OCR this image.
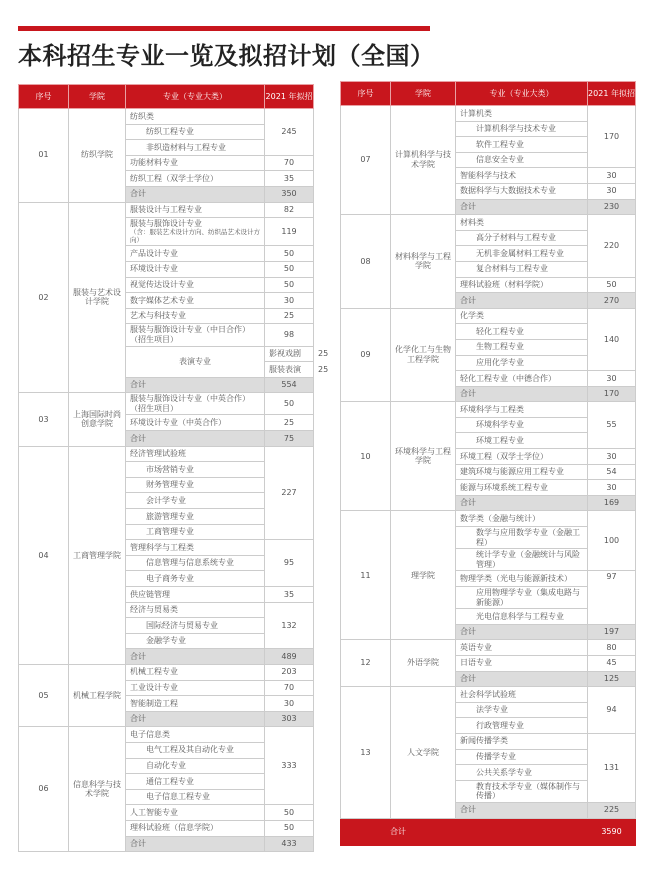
本科招生专业一览及拟招计划（全国）
序号	学院	专业（专业大类）	2021 年拟招	
01	纺织学院	纺织类	245	
		纺织工程专业		
		非织造材料与工程专业		
		功能材料专业	70	
		纺织工程（双学士学位）	35	
		合计	350	
02	服装与艺术设计学院	服装设计与工程专业	82	
		服装与服饰设计专业
（含：服装艺术设计方向、纺织品艺术设计方向）	119	
		产品设计专业	50	
		环境设计专业	50	
		视觉传达设计专业	50	
		数字媒体艺术专业	30	
		艺术与科技专业	25	
		服装与服饰设计专业（中日合作）（招生项目）	98	
		表演专业	影视戏剧	25
			服装表演	25
		合计	554	
03	上海国际时尚创意学院	服装与服饰设计专业（中英合作）（招生项目）	50	
		环境设计专业（中英合作）	25	
		合计	75	
04	工商管理学院	经济管理试验班	227	
		市场营销专业		
		财务管理专业		
		会计学专业		
		旅游管理专业		
		工商管理专业		
		管理科学与工程类	95	
		信息管理与信息系统专业		
		电子商务专业		
		供应链管理	35	
		经济与贸易类	132	
		国际经济与贸易专业		
		金融学专业		
		合计	489	
05	机械工程学院	机械工程专业	203	
		工业设计专业	70	
		智能制造工程	30	
		合计	303	
06	信息科学与技术学院	电子信息类	333	
		电气工程及其自动化专业		
		自动化专业		
		通信工程专业		
		电子信息工程专业		
		人工智能专业	50	
		理科试验班（信息学院）	50	
		合计	433	
序号	学院	专业（专业大类）	2021 年拟招
07	计算机科学与技术学院	计算机类	170
		计算机科学与技术专业	
		软件工程专业	
		信息安全专业	
		智能科学与技术	30
		数据科学与大数据技术专业	30
		合计	230
08	材料科学与工程学院	材料类	220
		高分子材料与工程专业	
		无机非金属材料工程专业	
		复合材料与工程专业	
		理科试验班（材料学院）	50
		合计	270
09	化学化工与生物工程学院	化学类	140
		轻化工程专业	
		生物工程专业	
		应用化学专业	
		轻化工程专业（中德合作）	30
		合计	170
10	环境科学与工程学院	环境科学与工程类	55
		环境科学专业	
		环境工程专业	
		环境工程（双学士学位）	30
		建筑环境与能源应用工程专业	54
		能源与环境系统工程专业	30
		合计	169
11	理学院	数学类（金融与统计）	100
		数学与应用数学专业（金融工程）	
		统计学专业（金融统计与风险管理）	
		物理学类（光电与能源新技术）	97
		应用物理学专业（集成电路与新能源）	
		光电信息科学与工程专业	
		合计	197
12	外语学院	英语专业	80
		日语专业	45
		合计	125
13	人文学院	社会科学试验班	94
		法学专业	
		行政管理专业	
		新闻传播学类	131
		传播学专业	
		公共关系学专业	
		教育技术学专业（媒体制作与传播）	
		合计	225
合计			3590
